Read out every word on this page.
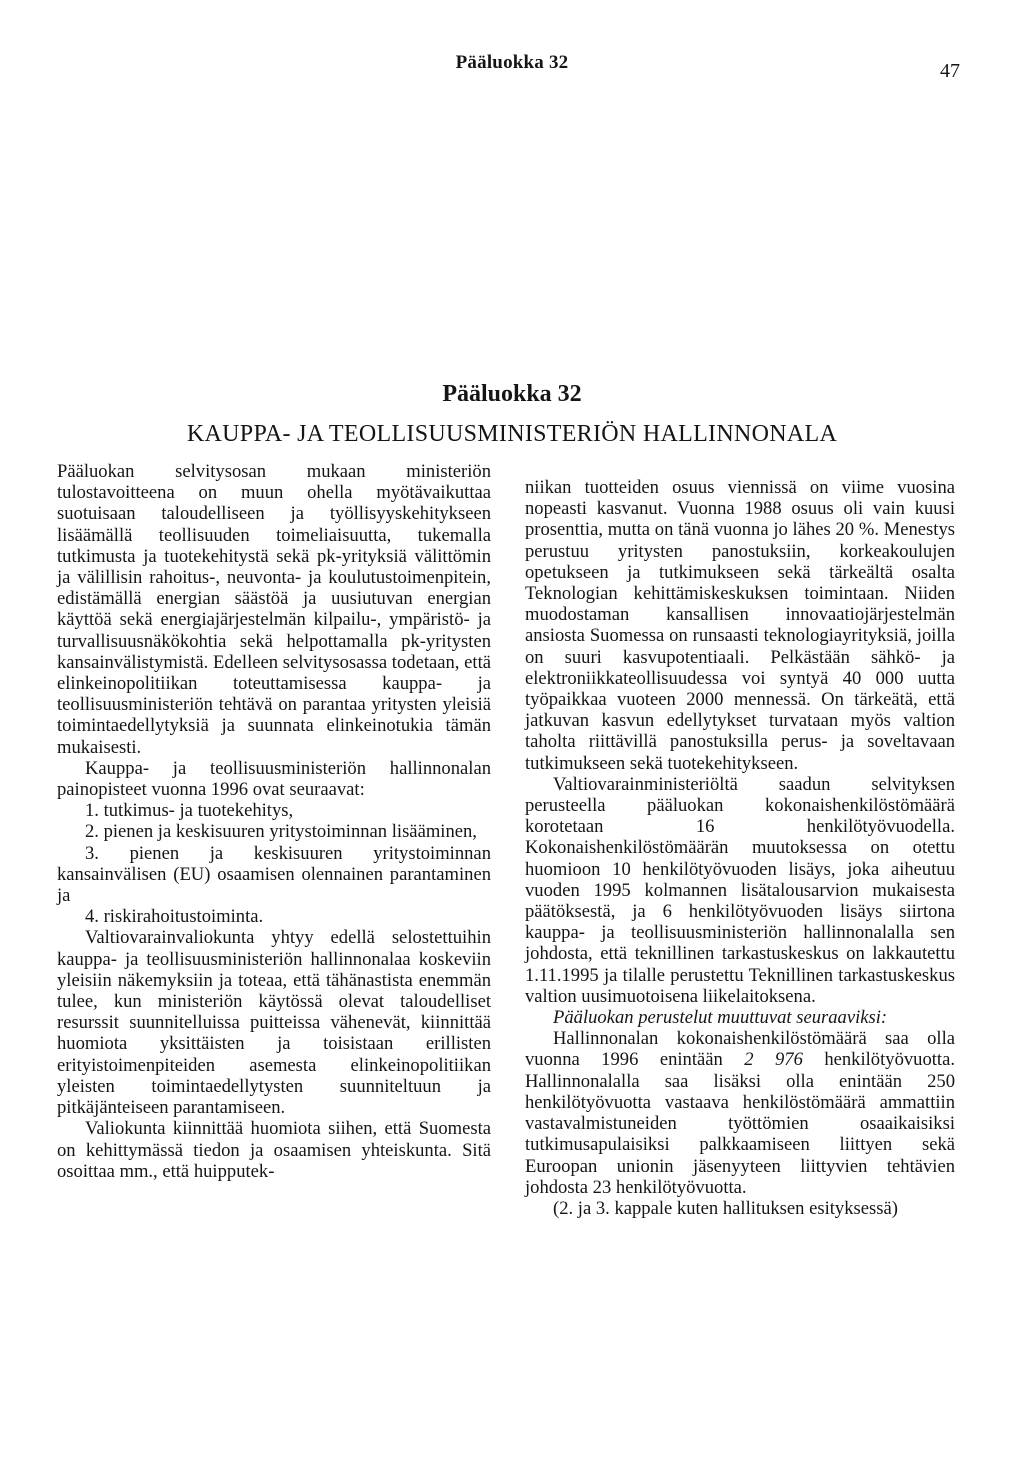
Pääluokka 32	47
Pääluokka 32
KAUPPA- JA TEOLLISUUSMINISTERIÖN HALLINNONALA

Pääluokan selvitysosan mukaan ministeriön tulostavoitteena on muun ohella myötävaikuttaa suotuisaan taloudelliseen ja työllisyyskehitykseen lisäämällä teollisuuden toimeliaisuutta, tukemalla tutkimusta ja tuotekehitystä sekä pk-yrityksiä välittömin ja välillisin rahoitus-, neuvonta- ja koulutustoimenpitein, edistämällä energian säästöä ja uusiutuvan energian käyttöä sekä energiajärjestelmän kilpailu-, ympäristö- ja turvallisuusnäkökohtia sekä helpottamalla pk-yritysten kansainvälistymistä. Edelleen selvitysosassa todetaan, että elinkeinopolitiikan toteuttamisessa kauppa- ja teollisuusministeriön tehtävä on parantaa yritysten yleisiä toimintaedellytyksiä ja suunnata elinkeinotukia tämän mukaisesti.

Kauppa- ja teollisuusministeriön hallinnonalan painopisteet vuonna 1996 ovat seuraavat:

1. tutkimus- ja tuotekehitys,

2. pienen ja keskisuuren yritystoiminnan lisääminen,

3. pienen ja keskisuuren yritystoiminnan kansainvälisen (EU) osaamisen olennainen parantaminen ja

4. riskirahoitustoiminta.

Valtiovarainvaliokunta yhtyy edellä selostettuihin kauppa- ja teollisuusministeriön hallinnonalaa koskeviin yleisiin näkemyksiin ja toteaa, että tähänastista enemmän tulee, kun ministeriön käytössä olevat taloudelliset resurssit suunnitelluissa puitteissa vähenevät, kiinnittää huomiota yksittäisten ja toisistaan erillisten erityistoimenpiteiden asemesta elinkeinopolitiikan yleisten toimintaedellytysten suunniteltuun ja pitkäjänteiseen parantamiseen.

Valiokunta kiinnittää huomiota siihen, että Suomesta on kehittymässä tiedon ja osaamisen yhteiskunta. Sitä osoittaa mm., että huipputek-

niikan tuotteiden osuus viennissä on viime vuosina nopeasti kasvanut. Vuonna 1988 osuus oli vain kuusi prosenttia, mutta on tänä vuonna jo lähes 20 %. Menestys perustuu yritysten panostuksiin, korkeakoulujen opetukseen ja tutkimukseen sekä tärkeältä osalta Teknologian kehittämiskeskuksen toimintaan. Niiden muodostaman kansallisen innovaatiojärjestelmän ansiosta Suomessa on runsaasti teknologiayrityksiä, joilla on suuri kasvupotentiaali. Pelkästään sähkö- ja elektroniikkateollisuudessa voi syntyä 40 000 uutta työpaikkaa vuoteen 2000 mennessä. On tärkeätä, että jatkuvan kasvun edellytykset turvataan myös valtion taholta riittävillä panostuksilla perus- ja soveltavaan tutkimukseen sekä tuotekehitykseen.

Valtiovarainministeriöltä saadun selvityksen perusteella pääluokan kokonaishenkilöstömäärä korotetaan 16 henkilötyövuodella. Kokonaishenkilöstömäärän muutoksessa on otettu huomioon 10 henkilötyövuoden lisäys, joka aiheutuu vuoden 1995 kolmannen lisätalousarvion mukaisesta päätöksestä, ja 6 henkilötyövuoden lisäys siirtona kauppa- ja teollisuusministeriön hallinnonalalla sen johdosta, että teknillinen tarkastuskeskus on lakkautettu 1.11.1995 ja tilalle perustettu Teknillinen tarkastuskeskus valtion uusimuotoisena liikelaitoksena.

Pääluokan perustelut muuttuvat seuraaviksi:

Hallinnonalan kokonaishenkilöstömäärä saa olla vuonna 1996 enintään 2 976 henkilötyövuotta. Hallinnonalalla saa lisäksi olla enintään 250 henkilötyövuotta vastaava henkilöstömäärä ammattiin vastavalmistuneiden työttömien osaaikaisiksi tutkimusapulaisiksi palkkaamiseen liittyen sekä Euroopan unionin jäsenyyteen liittyvien tehtävien johdosta 23 henkilötyövuotta.

(2. ja 3. kappale kuten hallituksen esityksessä)
